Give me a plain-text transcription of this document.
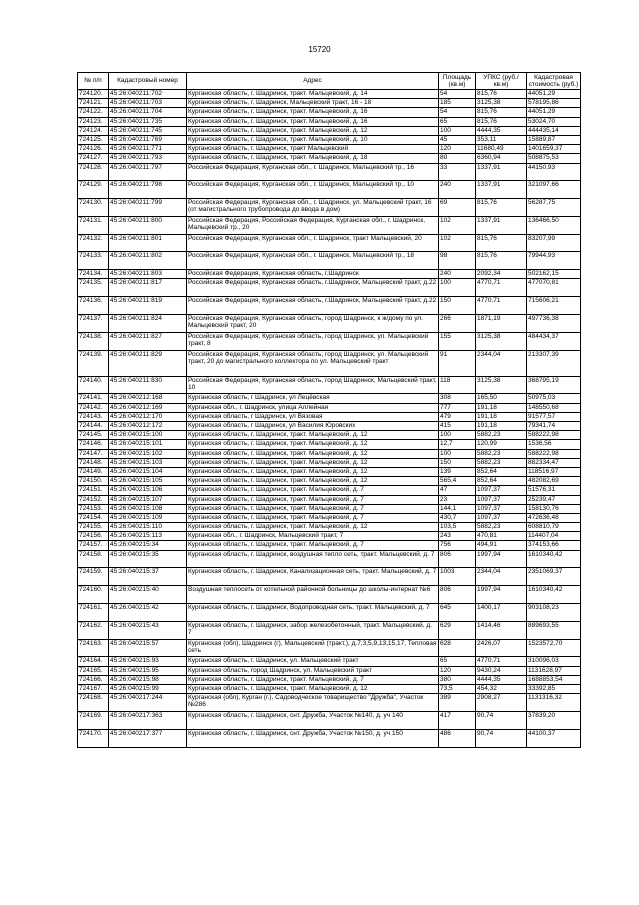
15720
№ п/п	Кадастровый номер	Адрес	Площадь (кв.м)	УПКС (руб./кв.м)	Кадастровая стоимость (руб.)
724120.	45:26:040211:702	Курганская область, г. Шадринск, тракт. Мальцевский, д. 14	54	815,76	44051,29
724121.	45:26:040211:703	Курганская область, г. Шадринск, Мальцевский тракт, 16 - 18	185	3125,38	578195,86
724122.	45:26:040211:704	Курганская область, г. Шадринск, тракт. Мальцевский, д. 16	54	815,76	44051,29
724123.	45:26:040211:735	Курганская область, г. Шадринск, тракт. Мальцевский, д. 16	65	815,76	53024,70
724124.	45:26:040211:745	Курганская область, г. Шадринск, тракт. Мальцевский, д. 12	100	4444,35	444435,14
724125.	45:26:040211:769	Курганская область, г. Шадринск, тракт. Мальцевский, д. 10	45	353,11	15889,87
724126.	45:26:040211:771	Курганская область, г. Шадринск, тракт Мальцевский	120	11680,49	1401659,37
724127.	45:26:040211:793	Курганская область, г. Шадринск, тракт. Мальцевский, д. 18	80	6360,94	508875,53
724128.	45:26:040211:797	Российская Федерация, Курганская обл., г. Шадринск, Мальцевский тр., 16	33	1337,91	44150,93
724129.	45:26:040211:798	Российская Федерация, Курганская обл., г. Шадринск, Мальцевский тр., 10	240	1337,91	321097,66
724130.	45:26:040211:799	Российская Федерация, Курганская обл., г. Шадринск, ул. Мальцевский тракт, 16 (от магистрального трубопровода до ввода в дом)	69	815,76	56287,75
724131.	45:26:040211:800	Российская Федерация, Российская Федерация, Курганская обл., г. Шадринск, Мальцевский тр., 20	102	1337,91	136466,50
724132.	45:26:040211:801	Российская Федерация, Курганская обл., г. Шадринск, тракт Мальцевский, 20	102	815,76	83207,99
724133.	45:26:040211:802	Российская Федерация, Курганская обл., г. Шадринск, Мальцевский тр., 18	98	815,76	79944,93
724134.	45:26:040211:803	Российская Федерация, Курганская область, г.Шадринск	240	2092,34	502162,15
724135.	45:26:040211:817	Российская Федерация, Курганская область, г.Шадринск, Мальцевский тракт, д.22	100	4770,71	477070,81
724136.	45:26:040211:819	Российская Федерация, Курганская область, г.Шадринск, Мальцевский тракт, д.22	150	4770,71	715606,21
724137.	45:26:040211:824	Российская Федерация, Курганская область, город Шадринск, к ж/дому по ул. Мальцевский тракт, 20	266	1871,19	497736,38
724138.	45:26:040211:827	Российская Федерация, Курганская область, город Шадринск, ул. Мальцевский тракт, 8	155	3125,38	484434,37
724139.	45:26:040211:829	Российская Федерация, Курганская область, город Шадринск, ул. Мальцевский тракт, 20 до магистрального коллектора по ул. Мальцевский тракт	91	2344,04	213307,39
724140.	45:26:040211:830	Российская Федерация, Курганская область, город Шадринск, Мальцевский тракт, 10	118	3125,38	368795,19
724141.	45:26:040212:168	Курганская область, г Шадринск, ул Лецёвская	308	165,50	50975,03
724142.	45:26:040212:169	Курганская обл., г. Шадринск, улица Аллейная	777	191,18	148550,68
724143.	45:26:040212:170	Курганская область, г Шадринск, ул Вязовая	479	191,18	91577,57
724144.	45:26:040212:172	Курганская область, г Шадринск, ул Василия Юровских	415	191,18	79341,74
724145.	45:26:040215:100	Курганская область, г. Шадринск, тракт. Мальцевский, д. 12	100	5882,23	588222,98
724146.	45:26:040215:101	Курганская область, г. Шадринск, тракт. Мальцевский, д. 12	12,7	120,99	1536,56
724147.	45:26:040215:102	Курганская область, г. Шадринск, тракт. Мальцевский, д. 12	100	5882,23	588222,98
724148.	45:26:040215:103	Курганская область, г. Шадринск, тракт. Мальцевский, д. 12	150	5882,23	882334,47
724149.	45:26:040215:104	Курганская область, г. Шадринск, тракт. Мальцевский, д. 12	139	852,64	118516,97
724150.	45:26:040215:105	Курганская область, г. Шадринск, тракт. Мальцевский, д. 12	565,4	852,64	482082,69
724151.	45:26:040215:106	Курганская область, г. Шадринск, тракт. Мальцевский, д. 7	47	1097,37	51576,31
724152.	45:26:040215:107	Курганская область, г. Шадринск, тракт. Мальцевский, д. 7	23	1097,37	25239,47
724153.	45:26:040215:108	Курганская область, г. Шадринск, тракт. Мальцевский, д. 7	144,1	1097,37	158130,76
724154.	45:26:040215:109	Курганская область, г. Шадринск, тракт. Мальцевский, д. 7	430,7	1097,37	472636,48
724155.	45:26:040215:110	Курганская область, г. Шадринск, тракт. Мальцевский, д. 12	103,5	5882,23	608810,79
724156.	45:26:040215:113	Курганская обл., г. Шадринск, Мальцевский тракт, 7	243	470,81	114407,04
724157.	45:26:040215:34	Курганская область, г. Шадринск, тракт. Мальцевский, д. 7	756	494,91	374153,66
724158.	45:26:040215:35	Курганская область, г. Шадринск, воздушная тепло сеть, тракт. Мальцевский, д. 7	806	1997,94	1610340,42
724159.	45:26:040215:37	Курганская область, г. Шадринск, Канализационная сеть, тракт. Мальцевский, д. 7	1003	2344,04	2351069,37
724160.	45:26:040215:40	Воздушная теплосеть от котельной районной больницы до школы-интернат №6	806	1997,94	1610340,42
724161.	45:26:040215:42	Курганская область, г. Шадринск, Водопроводная сеть, тракт. Мальцевский, д. 7	645	1400,17	903108,23
724162.	45:26:040215:43	Курганская область, г. Шадринск, забор железобетонный, тракт. Мальцевский, д. 7	629	1414,46	889693,55
724163.	45:26:040215:57	Курганская (обл), Шадринск (г), Мальцевский (тракт.), д.7,3,5,9,13,15,17, Тепловая сеть	628	2426,07	1523572,70
724164.	45:26:040215:93	Курганская область, г. Шадринск, ул. Мальцевский тракт	65	4770,71	310096,03
724165.	45:26:040215:95	Курганская область, город Шадринск, ул. Мальцевский тракт	120	9430,24	1131628,97
724166.	45:26:040215:98	Курганская область, г. Шадринск, тракт. Мальцевский, д. 7	380	4444,35	1688853,54
724167.	45:26:040215:99	Курганская область, г. Шадринск, тракт. Мальцевский, д. 12	73,5	454,32	33392,85
724168.	45:26:040217:244	Курганская (обл), Курган (г.), Садоводческое товарищество "Дружба", Участок №286	389	2908,27	1131316,32
724169.	45:26:040217:363	Курганская область, г. Шадринск, снт. Дружба, Участок №140, д. уч 140	417	90,74	37839,20
724170.	45:26:040217:377	Курганская область, г. Шадринск, снт. Дружба, Участок №150, д. уч 150	486	90,74	44100,37
